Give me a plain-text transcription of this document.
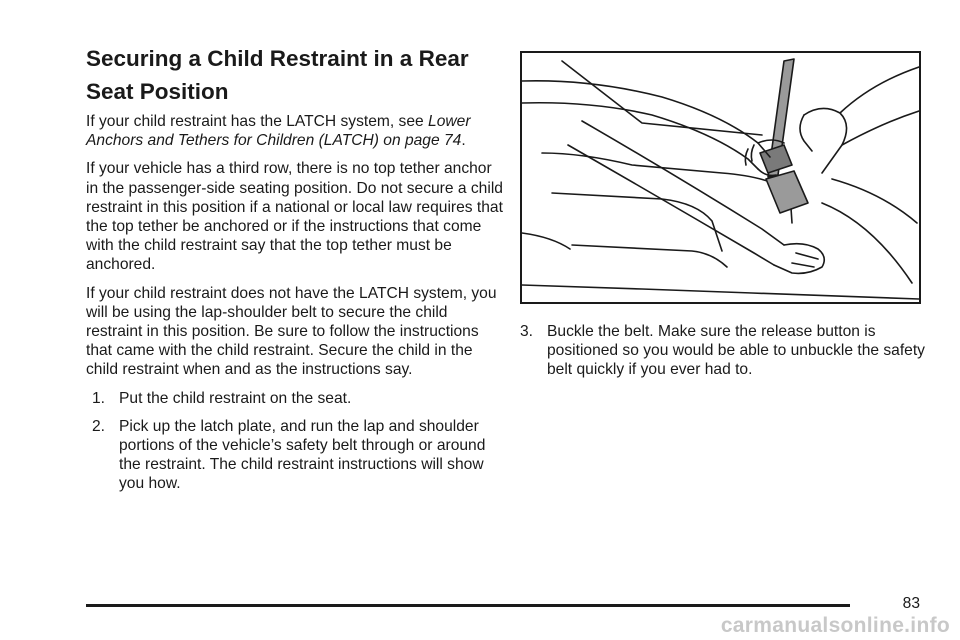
Securing a Child Restraint in a Rear Seat Position

If your child restraint has the LATCH system, see Lower Anchors and Tethers for Children (LATCH) on page 74.

If your vehicle has a third row, there is no top tether anchor in the passenger-side seating position. Do not secure a child restraint in this position if a national or local law requires that the top tether be anchored or if the instructions that come with the child restraint say that the top tether must be anchored.

If your child restraint does not have the LATCH system, you will be using the lap-shoulder belt to secure the child restraint in this position. Be sure to follow the instructions that came with the child restraint. Secure the child in the child restraint when and as the instructions say.

1. Put the child restraint on the seat.
2. Pick up the latch plate, and run the lap and shoulder portions of the vehicle’s safety belt through or around the restraint. The child restraint instructions will show you how.
3. Buckle the belt. Make sure the release button is positioned so you would be able to unbuckle the safety belt quickly if you ever had to.
83
carmanualsonline.info
